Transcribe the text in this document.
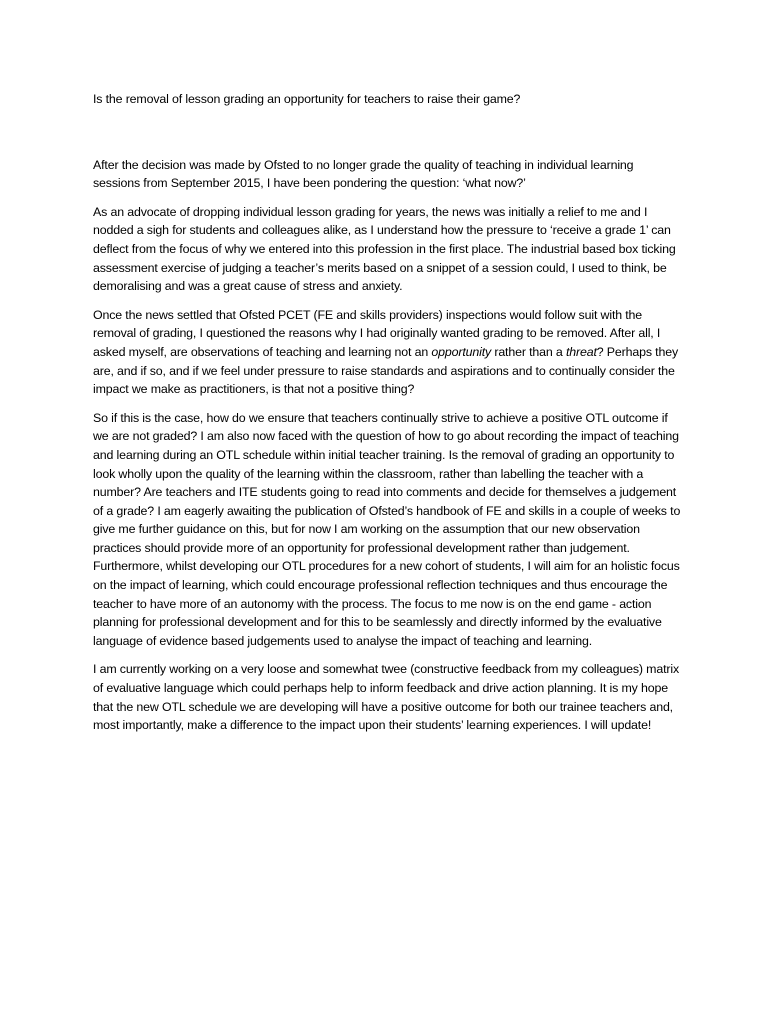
Is the removal of lesson grading an opportunity for teachers to raise their game?

After the decision was made by Ofsted to no longer grade the quality of teaching in individual learning sessions from September 2015, I have been pondering the question: ‘what now?’

As an advocate of dropping individual lesson grading for years, the news was initially a relief to me and I nodded a sigh for students and colleagues alike, as I understand how the pressure to ‘receive a grade 1’ can deflect from the focus of why we entered into this profession in the first place. The industrial based box ticking assessment exercise of judging a teacher’s merits based on a snippet of a session could, I used to think, be demoralising and was a great cause of stress and anxiety.

Once the news settled that Ofsted PCET (FE and skills providers) inspections would follow suit with the removal of grading, I questioned the reasons why I had originally wanted grading to be removed. After all, I asked myself, are observations of teaching and learning not an opportunity rather than a threat? Perhaps they are, and if so, and if we feel under pressure to raise standards and aspirations and to continually consider the impact we make as practitioners, is that not a positive thing?

So if this is the case, how do we ensure that teachers continually strive to achieve a positive OTL outcome if we are not graded? I am also now faced with the question of how to go about recording the impact of teaching and learning during an OTL schedule within initial teacher training. Is the removal of grading an opportunity to look wholly upon the quality of the learning within the classroom, rather than labelling the teacher with a number? Are teachers and ITE students going to read into comments and decide for themselves a judgement of a grade? I am eagerly awaiting the publication of Ofsted’s handbook of FE and skills in a couple of weeks to give me further guidance on this, but for now I am working on the assumption that our new observation practices should provide more of an opportunity for professional development rather than judgement. Furthermore, whilst developing our OTL procedures for a new cohort of students, I will aim for an holistic focus on the impact of learning, which could encourage professional reflection techniques and thus encourage the teacher to have more of an autonomy with the process. The focus to me now is on the end game - action planning for professional development and for this to be seamlessly and directly informed by the evaluative language of evidence based judgements used to analyse the impact of teaching and learning.

I am currently working on a very loose and somewhat twee (constructive feedback from my colleagues) matrix of evaluative language which could perhaps help to inform feedback and drive action planning. It is my hope that the new OTL schedule we are developing will have a positive outcome for both our trainee teachers and, most importantly, make a difference to the impact upon their students’ learning experiences. I will update!
